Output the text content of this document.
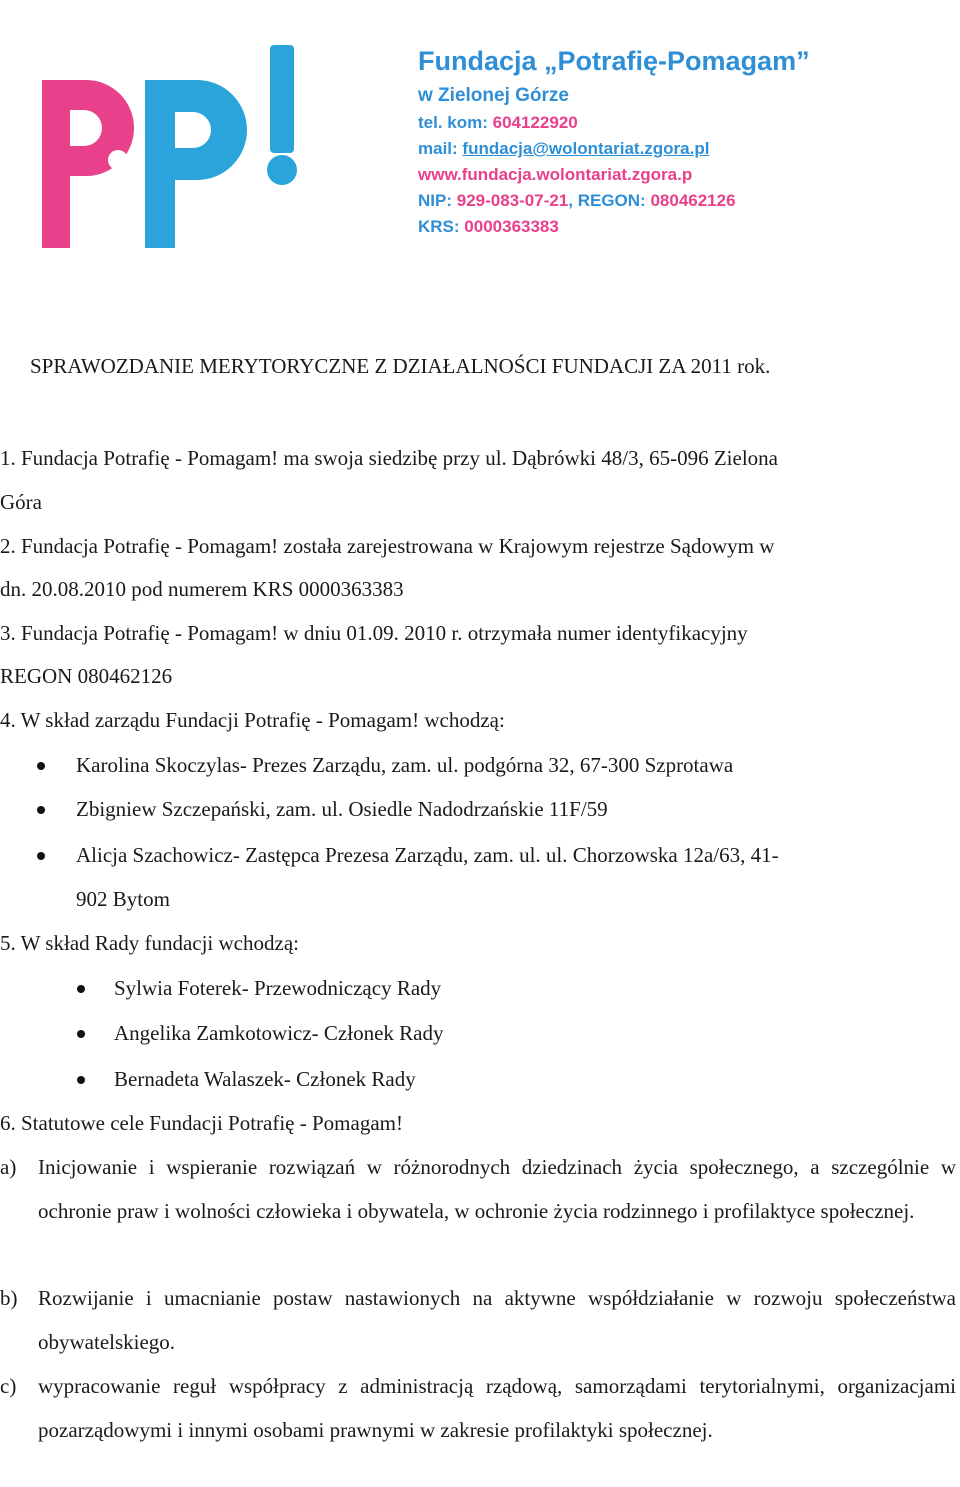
Fundacja „Potrafię-Pomagam”
w Zielonej Górze
tel. kom: 604122920
mail: fundacja@wolontariat.zgora.pl
www.fundacja.wolontariat.zgora.p
NIP: 929-083-07-21, REGON: 080462126
KRS: 0000363383
SPRAWOZDANIE MERYTORYCZNE Z DZIAŁALNOŚCI FUNDACJI ZA 2011 rok.
1. Fundacja Potrafię - Pomagam! ma swoja siedzibę przy ul. Dąbrówki 48/3, 65-096 Zielona
Góra
2. Fundacja Potrafię - Pomagam! została zarejestrowana w Krajowym rejestrze Sądowym w
dn. 20.08.2010 pod numerem KRS 0000363383
3. Fundacja Potrafię - Pomagam! w dniu 01.09. 2010 r. otrzymała numer identyfikacyjny
REGON 080462126
4. W skład zarządu Fundacji Potrafię - Pomagam! wchodzą:
Karolina Skoczylas- Prezes Zarządu, zam. ul. podgórna 32, 67-300 Szprotawa
Zbigniew Szczepański, zam. ul. Osiedle Nadodrzańskie 11F/59
Alicja Szachowicz- Zastępca Prezesa Zarządu, zam. ul. ul. Chorzowska 12a/63, 41-
902 Bytom
5. W skład Rady fundacji wchodzą:
Sylwia Foterek- Przewodniczący Rady
Angelika Zamkotowicz- Członek Rady
Bernadeta Walaszek- Członek Rady
6. Statutowe cele Fundacji Potrafię - Pomagam!
a) Inicjowanie i wspieranie rozwiązań w różnorodnych dziedzinach życia społecznego, a szczególnie w ochronie praw i wolności człowieka i obywatela, w ochronie życia rodzinnego i profilaktyce społecznej.
b) Rozwijanie i umacnianie postaw nastawionych na aktywne współdziałanie w rozwoju społeczeństwa obywatelskiego.
c) wypracowanie reguł współpracy z administracją rządową, samorządami terytorialnymi, organizacjami pozarządowymi i innymi osobami prawnymi w zakresie profilaktyki społecznej.
